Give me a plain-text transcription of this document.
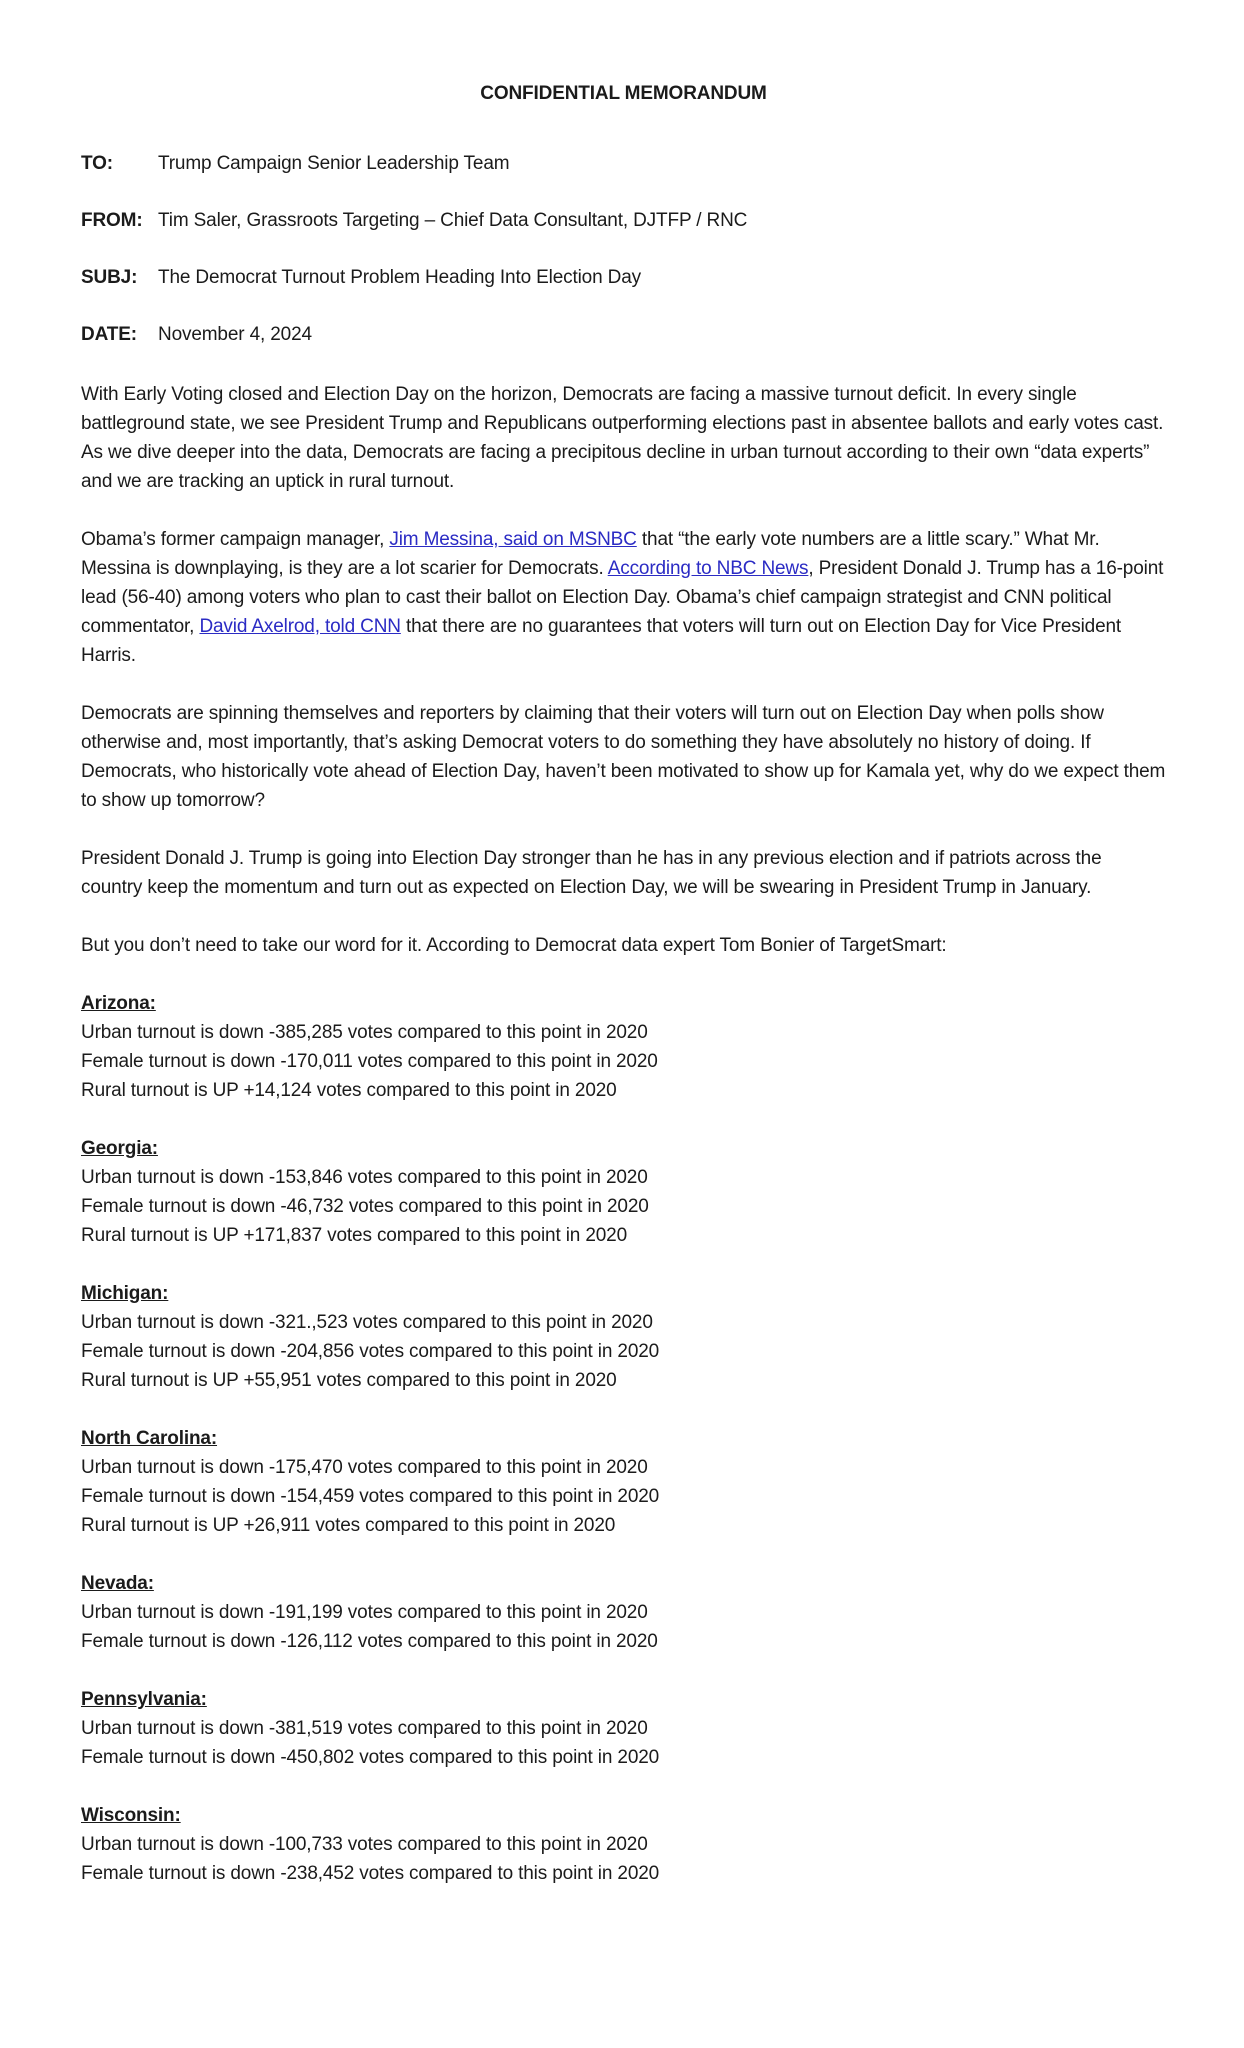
CONFIDENTIAL MEMORANDUM
TO:	Trump Campaign Senior Leadership Team
FROM: Tim Saler, Grassroots Targeting – Chief Data Consultant, DJTFP / RNC
SUBJ:	The Democrat Turnout Problem Heading Into Election Day
DATE:	November 4, 2024

With Early Voting closed and Election Day on the horizon, Democrats are facing a massive turnout deficit. In every single battleground state, we see President Trump and Republicans outperforming elections past in absentee ballots and early votes cast. As we dive deeper into the data, Democrats are facing a precipitous decline in urban turnout according to their own “data experts” and we are tracking an uptick in rural turnout.

Obama’s former campaign manager, Jim Messina, said on MSNBC that “the early vote numbers are a little scary.” What Mr. Messina is downplaying, is they are a lot scarier for Democrats. According to NBC News, President Donald J. Trump has a 16-point lead (56-40) among voters who plan to cast their ballot on Election Day. Obama’s chief campaign strategist and CNN political commentator, David Axelrod, told CNN that there are no guarantees that voters will turn out on Election Day for Vice President Harris.

Democrats are spinning themselves and reporters by claiming that their voters will turn out on Election Day when polls show otherwise and, most importantly, that’s asking Democrat voters to do something they have absolutely no history of doing. If Democrats, who historically vote ahead of Election Day, haven’t been motivated to show up for Kamala yet, why do we expect them to show up tomorrow?

President Donald J. Trump is going into Election Day stronger than he has in any previous election and if patriots across the country keep the momentum and turn out as expected on Election Day, we will be swearing in President Trump in January.

But you don’t need to take our word for it. According to Democrat data expert Tom Bonier of TargetSmart:

Arizona:
Urban turnout is down -385,285 votes compared to this point in 2020
Female turnout is down -170,011 votes compared to this point in 2020
Rural turnout is UP +14,124 votes compared to this point in 2020
Georgia:
Urban turnout is down -153,846 votes compared to this point in 2020
Female turnout is down -46,732 votes compared to this point in 2020
Rural turnout is UP +171,837 votes compared to this point in 2020
Michigan:
Urban turnout is down -321.,523 votes compared to this point in 2020
Female turnout is down -204,856 votes compared to this point in 2020
Rural turnout is UP +55,951 votes compared to this point in 2020
North Carolina:
Urban turnout is down -175,470 votes compared to this point in 2020
Female turnout is down -154,459 votes compared to this point in 2020
Rural turnout is UP +26,911 votes compared to this point in 2020
Nevada:
Urban turnout is down -191,199 votes compared to this point in 2020
Female turnout is down -126,112 votes compared to this point in 2020
Pennsylvania:
Urban turnout is down -381,519 votes compared to this point in 2020
Female turnout is down -450,802 votes compared to this point in 2020
Wisconsin:
Urban turnout is down -100,733 votes compared to this point in 2020
Female turnout is down -238,452 votes compared to this point in 2020
